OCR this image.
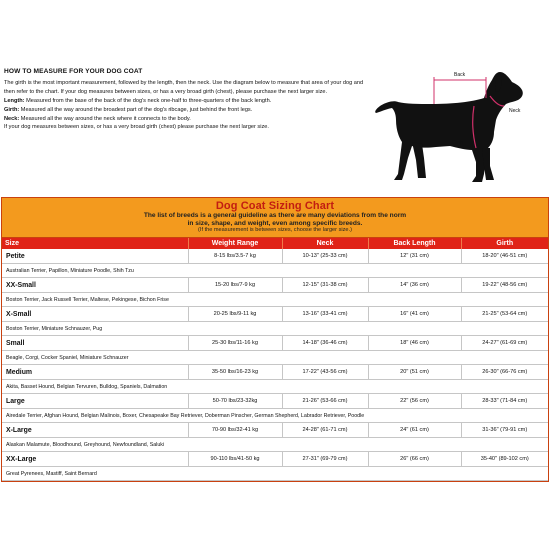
HOW TO MEASURE FOR YOUR DOG COAT

The girth is the most important measurement, followed by the length, then the neck. Use the diagram below to measure that area of your dog and then refer to the chart. If your dog measures between sizes, or has a very broad girth (chest), please purchase the next larger size.

Length: Measured from the base of the back of the dog's neck one-half to three-quarters of the back length.

Girth: Measured all the way around the broadest part of the dog's ribcage, just behind the front legs.

Neck: Measured all the way around the neck where it connects to the body.

If your dog measures between sizes, or has a very broad girth (chest) please purchase the next larger size.

Back
Neck
Girth
Dog Coat Sizing Chart
The list of breeds is a general guideline as there are many deviations from the norm
in size, shape, and weight, even among specific breeds.
(If the measurement is between sizes, choose the larger size.)
Size	Weight Range	Neck	Back Length	Girth
Petite	8-15 lbs/3.5-7 kg	10-13" (25-33 cm)	12" (31 cm)	18-20" (46-51 cm)
Australian Terrier, Papillon, Miniature Poodle, Shih Tzu				
XX-Small	15-20 lbs/7-9 kg	12-15" (31-38 cm)	14" (36 cm)	19-22" (48-56 cm)
Boston Terrier, Jack Russell Terrier, Maltese, Pekingese, Bichon Frise				
X-Small	20-25 lbs/9-11 kg	13-16" (33-41 cm)	16" (41 cm)	21-25" (53-64 cm)
Boston Terrier, Miniature Schnauzer, Pug				
Small	25-30 lbs/11-16 kg	14-18" (36-46 cm)	18" (46 cm)	24-27" (61-69 cm)
Beagle, Corgi, Cocker Spaniel, Miniature Schnauzer				
Medium	35-50 lbs/16-23 kg	17-22" (43-56 cm)	20" (51 cm)	26-30" (66-76 cm)
Akita, Basset Hound, Belgian Tervuren, Bulldog, Spaniels, Dalmation				
Large	50-70 lbs/23-32kg	21-26" (53-66 cm)	22" (56 cm)	28-33" (71-84 cm)
Airedale Terrier, Afghan Hound, Belgian Malinois, Boxer, Chesapeake Bay Retriever, Doberman Pinscher, German Shepherd, Labrador Retriever, Poodle				
X-Large	70-90 lbs/32-41 kg	24-28" (61-71 cm)	24" (61 cm)	31-36" (79-91 cm)
Alaskan Malamute, Bloodhound, Greyhound, Newfoundland, Saluki				
XX-Large	90-110 lbs/41-50 kg	27-31" (69-79 cm)	26" (66 cm)	35-40" (89-102 cm)
Great Pyrenees, Mastiff, Saint Bernard				
